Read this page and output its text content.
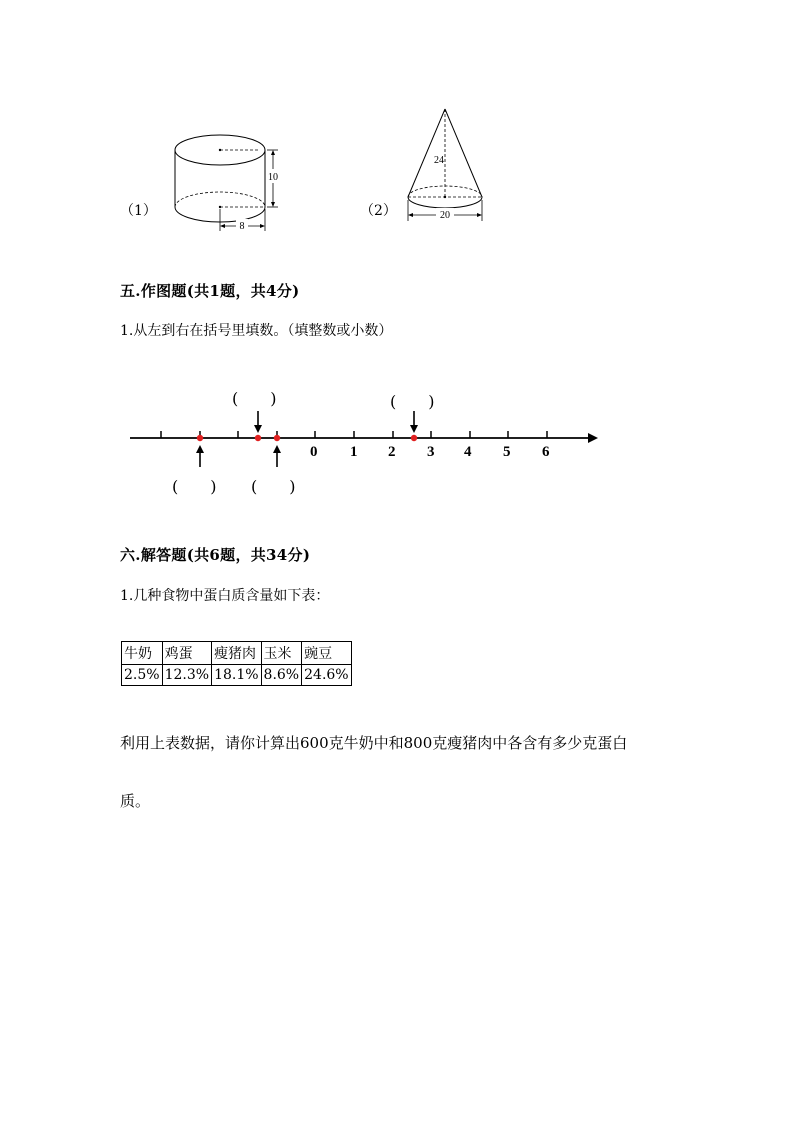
（1）	（2）
10
8
24
20
五.作图题(共1题，共4分)
1.从左到右在括号里填数。（填整数或小数）
(　　)	(　　)
(　　) (　　)
0 1 2 3 4 5 6
六.解答题(共6题，共34分)
1.几种食物中蛋白质含量如下表：
牛奶	鸡蛋	瘦猪肉	玉米	豌豆
2.5%	12.3%	18.1%	8.6%	24.6%
利用上表数据，请你计算出600克牛奶中和800克瘦猪肉中各含有多少克蛋白
质。
